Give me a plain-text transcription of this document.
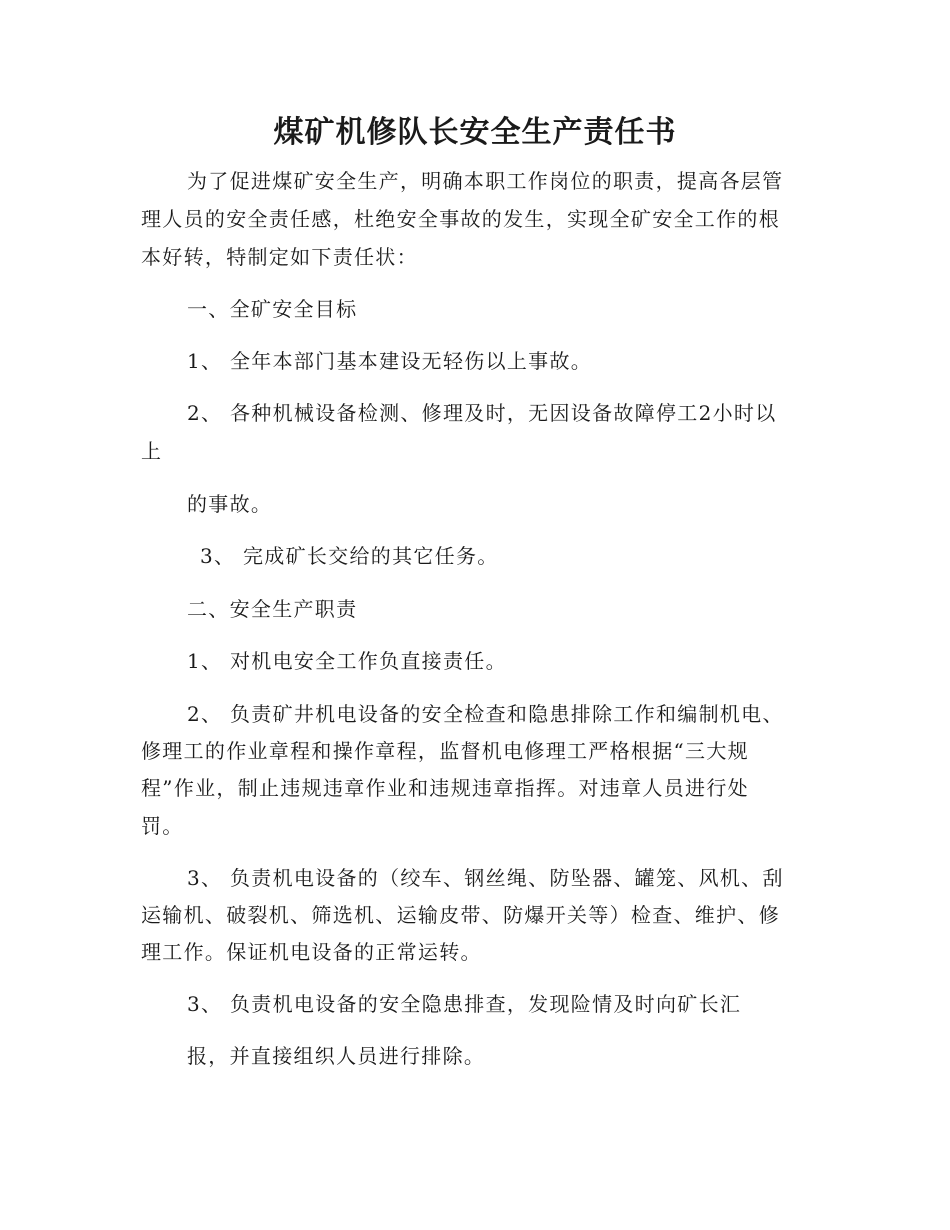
煤矿机修队长安全生产责任书
为了促进煤矿安全生产，明确本职工作岗位的职责，提高各层管
理人员的安全责任感，杜绝安全事故的发生，实现全矿安全工作的根
本好转，特制定如下责任状：
一、全矿安全目标
1、 全年本部门基本建设无轻伤以上事故。
2、 各种机械设备检测、修理及时，无因设备故障停工2小时以
上
的事故。
3、 完成矿长交给的其它任务。
二、安全生产职责
1、 对机电安全工作负直接责任。
2、 负责矿井机电设备的安全检查和隐患排除工作和编制机电、
修理工的作业章程和操作章程，监督机电修理工严格根据“三大规
程”作业，制止违规违章作业和违规违章指挥。对违章人员进行处
罚。
3、 负责机电设备的（绞车、钢丝绳、防坠器、罐笼、风机、刮
运输机、破裂机、筛选机、运输皮带、防爆开关等）检查、维护、修
理工作。保证机电设备的正常运转。
3、 负责机电设备的安全隐患排查，发现险情及时向矿长汇
报，并直接组织人员进行排除。
